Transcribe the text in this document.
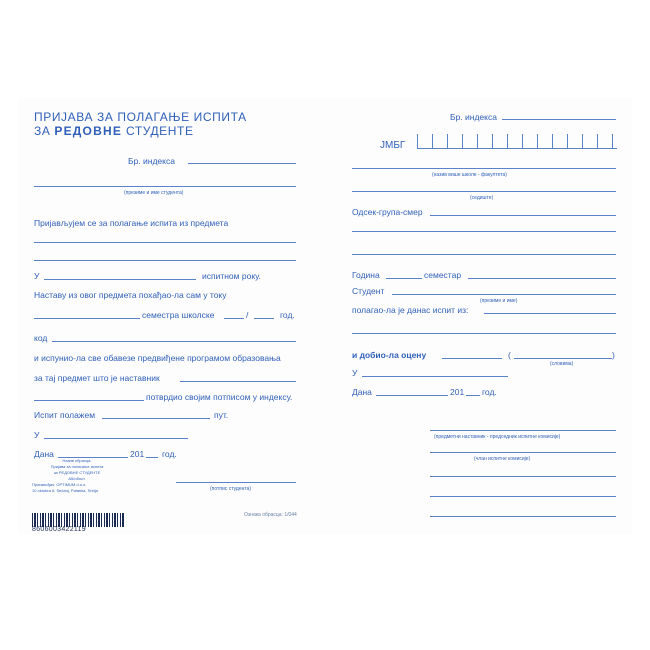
ПРИЈАВА ЗА ПОЛАГАЊЕ ИСПИТА
ЗА РЕДОВНЕ СТУДЕНТЕ
Бр. индекса
(презиме и име студента)
Пријављујем се за полагање испита из предмета
У	испитном року.
Наставу из овог предмета похађао-ла сам у току
семестра школске	/	год.
код
и испунио-ла све обавезе предвиђене програмом образовања
за тај предмет што је наставник
потврдио својим потписом у индексу.
Испит полажем	пут.
У
Дана	201 год.
(потпис студента)
Назив обрасца:
Пријава за полагање испита
за РЕДОВНЕ СТУДЕНТЕ
A5/обост.
Произвођач: OPTIMUM d.o.o.
10 oktobra 6, Sečanj, Palanka, Srbija
8606003422119
Бр. индекса
ЈМБГ
(назив више школе - факултета)
(седиште)
Одсек-група-смер
Година	семестар
Студент
(презиме и име)
полагао-ла је данас испит из:
и добио-ла оцену	(	)
(словима)
У
Дана	201 год.
(предметни наставник - председник испитне комисије)
(члан испитне комисије)
Ознака обрасца: 1/044
